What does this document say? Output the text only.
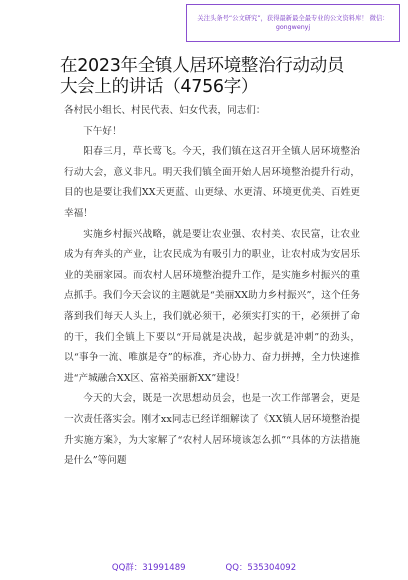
关注头条号“公文研究”，获得最新最全最专业的公文资料库！ 微信：gongwenyj
在2023年全镇人居环境整治行动动员大会上的讲话（4756字）

各村民小组长、村民代表、妇女代表，同志们：

下午好！

阳春三月，草长莺飞。今天，我们镇在这召开全镇人居环境整治行动大会，意义非凡。明天我们镇全面开始人居环境整治提升行动，目的也是要让我们XX天更蓝、山更绿、水更清、环境更优美、百姓更幸福！

实施乡村振兴战略，就是要让农业强、农村美、农民富，让农业成为有奔头的产业，让农民成为有吸引力的职业，让农村成为安居乐业的美丽家园。而农村人居环境整治提升工作，是实施乡村振兴的重点抓手。我们今天会议的主题就是“美丽XX助力乡村振兴”，这个任务落到我们每天人头上，我们就必须干，必须实打实的干，必须拼了命的干，我们全镇上下要以“开局就是决战，起步就是冲刺”的劲头，以“事争一流、唯旗是夺”的标准，齐心协力、奋力拼搏，全力快速推进“产城融合XX区、富裕美丽新XX”建设！

今天的大会，既是一次思想动员会，也是一次工作部署会，更是一次责任落实会。刚才xx同志已经详细解读了《XX镇人居环境整治提升实施方案》，为大家解了“农村人居环境该怎么抓”“具体的方法措施是什么”等问题

QQ群：31991489	QQ：535304092
